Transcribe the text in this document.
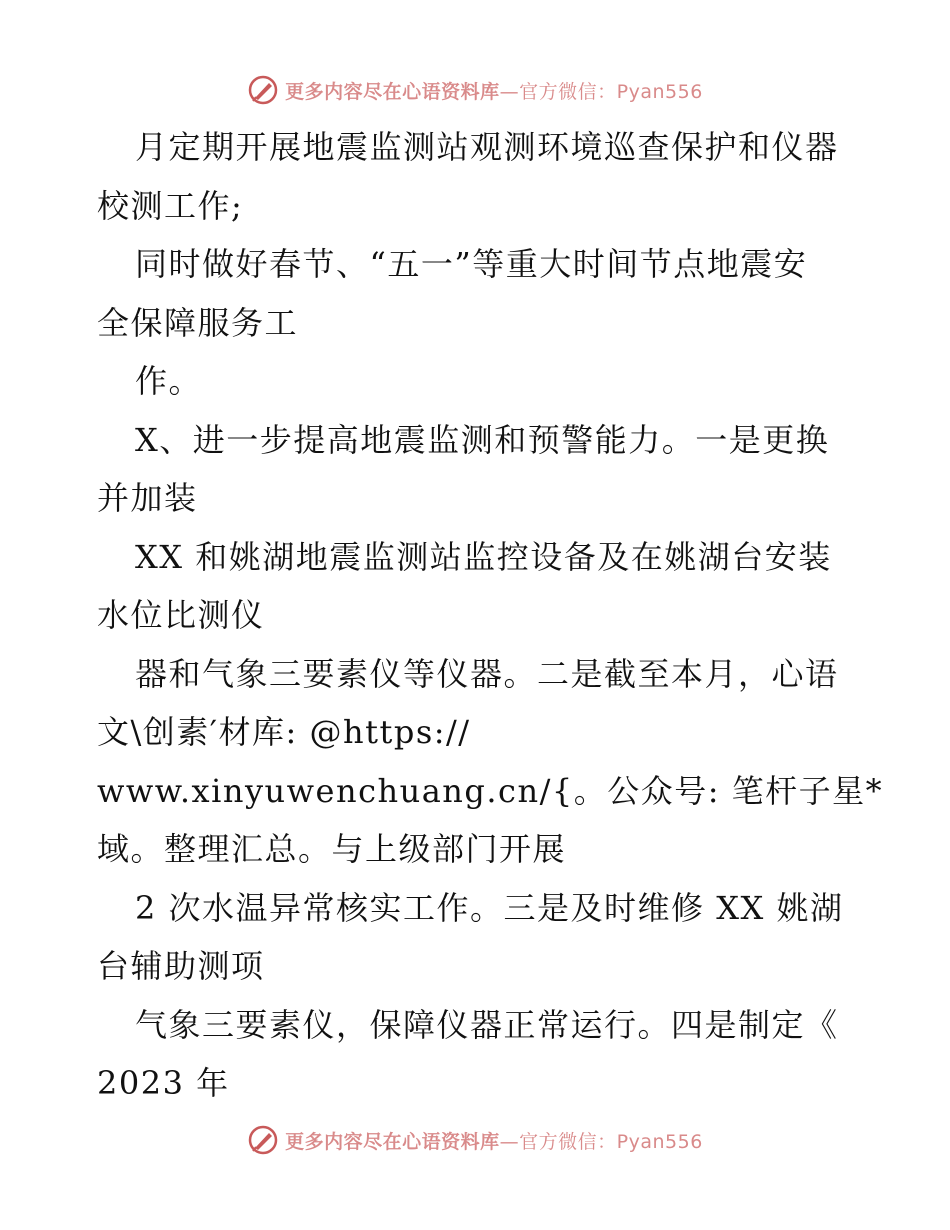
更多内容尽在心语资料库—官方微信：Pyan556
月定期开展地震监测站观测环境巡查保护和仪器
校测工作;
同时做好春节、“五一”等重大时间节点地震安
全保障服务工
作。
X、进一步提高地震监测和预警能力。一是更换
并加装
XX 和姚湖地震监测站监控设备及在姚湖台安装
水位比测仪
器和气象三要素仪等仪器。二是截至本月，心语
文\创素′材库: @https://
www.xinyuwenchuang.cn/{。公众号: 笔杆子星*
域。整理汇总。与上级部门开展
2 次水温异常核实工作。三是及时维修 XX 姚湖
台辅助测项
气象三要素仪，保障仪器正常运行。四是制定《
2023 年
更多内容尽在心语资料库—官方微信：Pyan556
